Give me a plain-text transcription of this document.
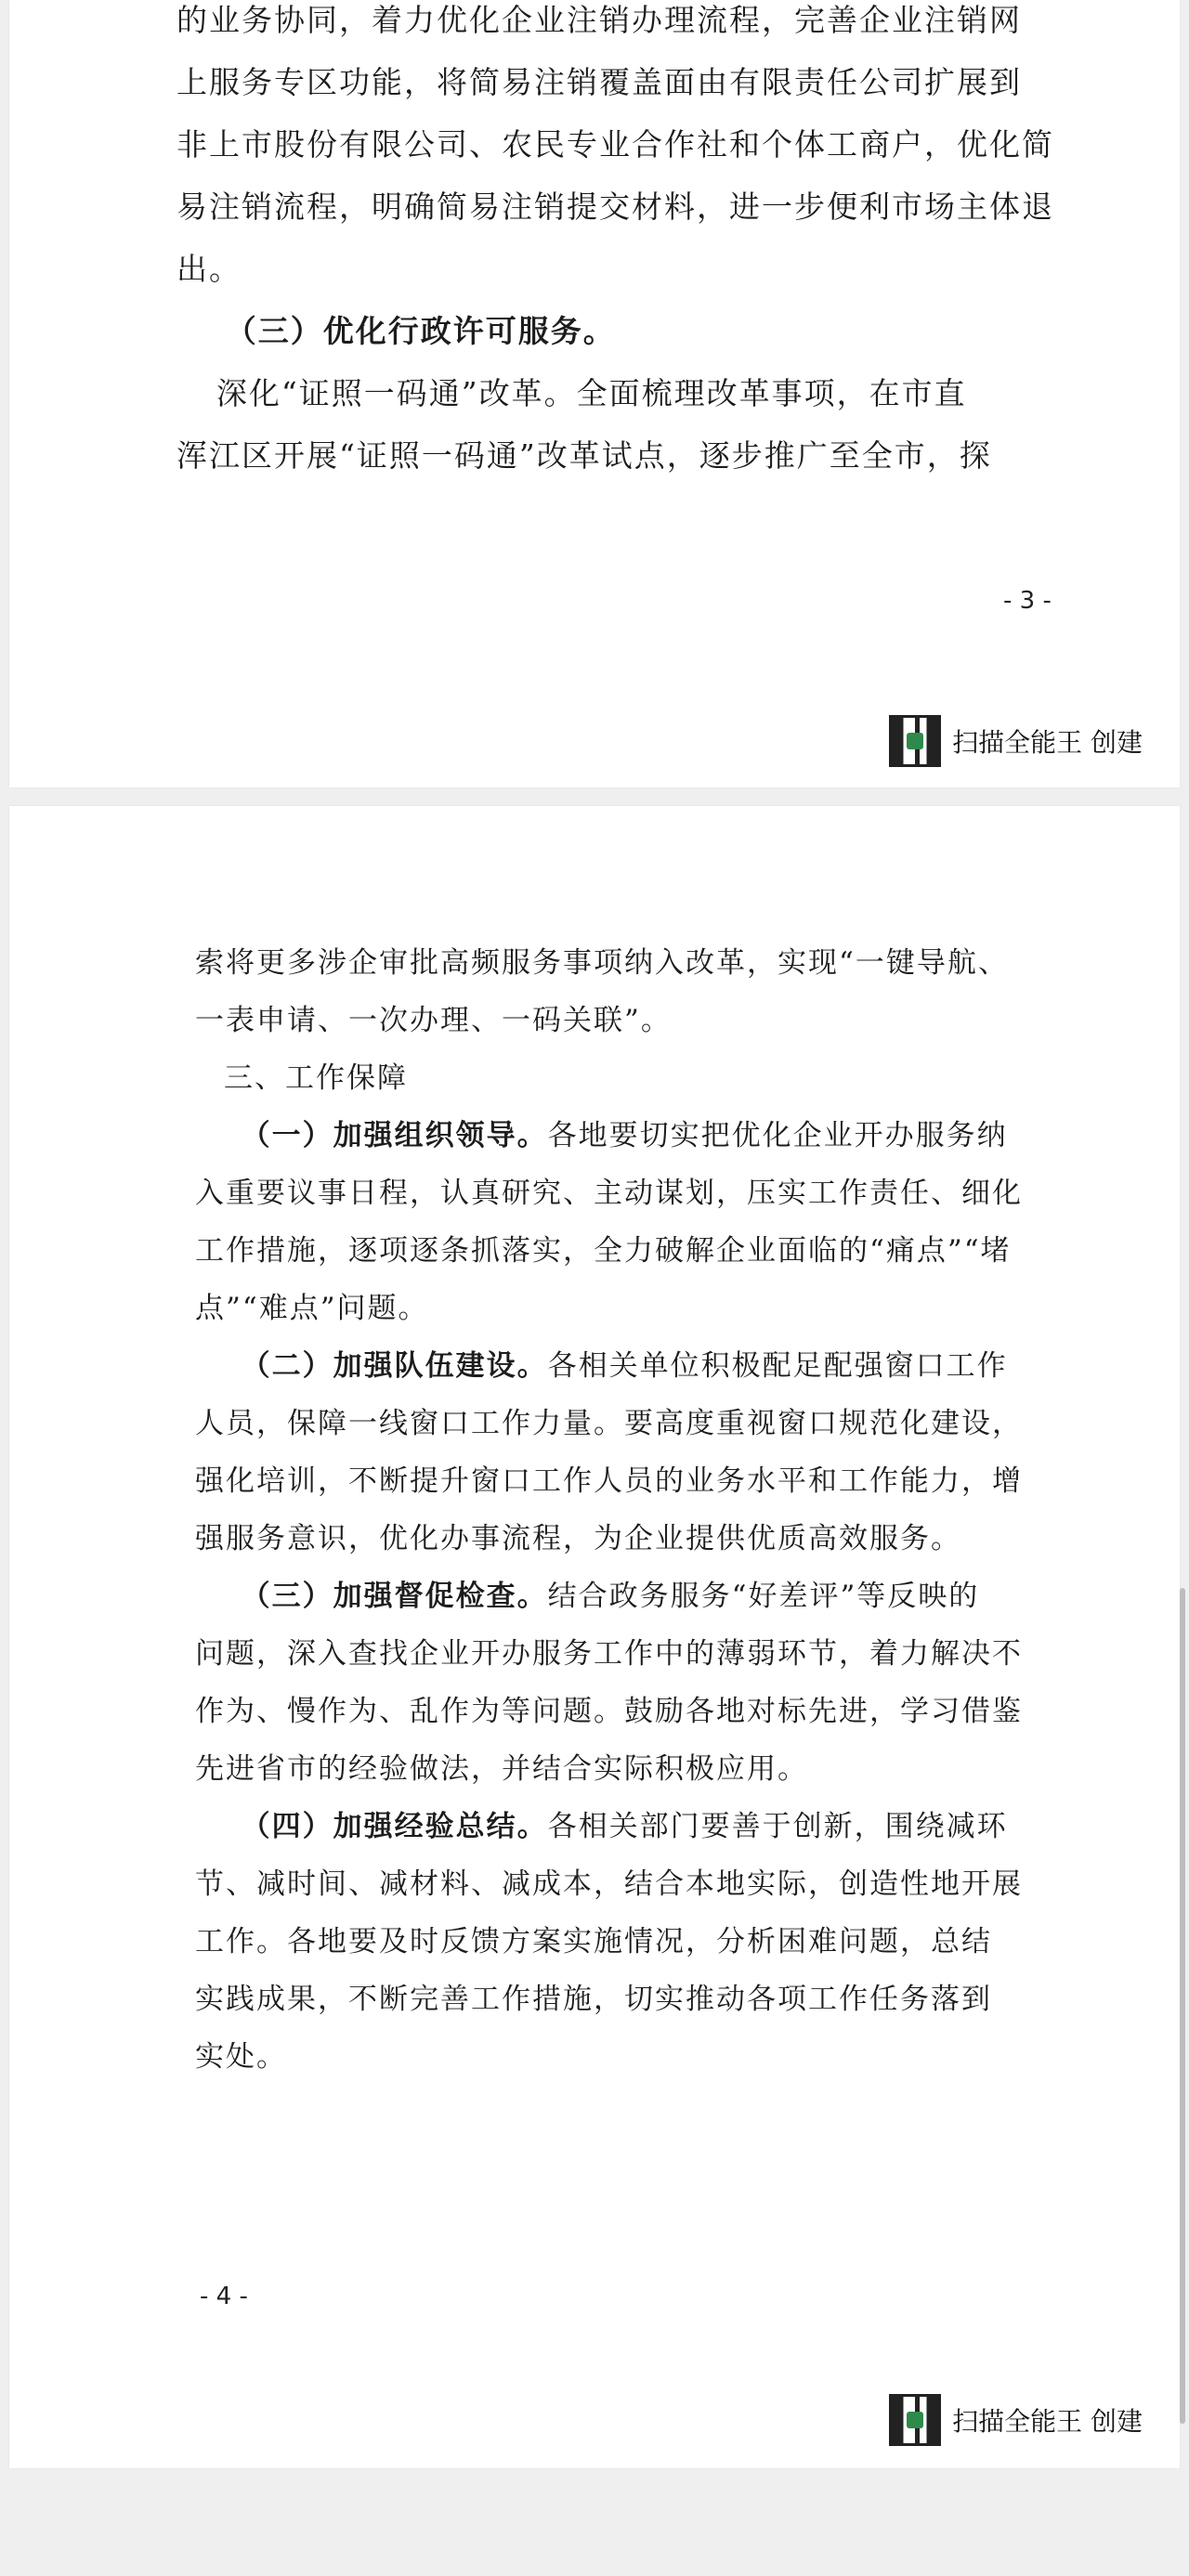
的业务协同，着力优化企业注销办理流程，完善企业注销网
上服务专区功能，将简易注销覆盖面由有限责任公司扩展到
非上市股份有限公司、农民专业合作社和个体工商户，优化简
易注销流程，明确简易注销提交材料，进一步便利市场主体退
出。
（三）优化行政许可服务。
深化“证照一码通”改革。全面梳理改革事项，在市直
浑江区开展“证照一码通”改革试点，逐步推广至全市，探
- 3 -
扫描全能王 创建
索将更多涉企审批高频服务事项纳入改革，实现“一键导航、
一表申请、一次办理、一码关联”。
三、工作保障
（一）加强组织领导。各地要切实把优化企业开办服务纳
入重要议事日程，认真研究、主动谋划，压实工作责任、细化
工作措施，逐项逐条抓落实，全力破解企业面临的“痛点”“堵
点”“难点”问题。
（二）加强队伍建设。各相关单位积极配足配强窗口工作
人员，保障一线窗口工作力量。要高度重视窗口规范化建设，
强化培训，不断提升窗口工作人员的业务水平和工作能力，增
强服务意识，优化办事流程，为企业提供优质高效服务。
（三）加强督促检查。结合政务服务“好差评”等反映的
问题，深入查找企业开办服务工作中的薄弱环节，着力解决不
作为、慢作为、乱作为等问题。鼓励各地对标先进，学习借鉴
先进省市的经验做法，并结合实际积极应用。
（四）加强经验总结。各相关部门要善于创新，围绕减环
节、减时间、减材料、减成本，结合本地实际，创造性地开展
工作。各地要及时反馈方案实施情况，分析困难问题，总结
实践成果，不断完善工作措施，切实推动各项工作任务落到
实处。
- 4 -
扫描全能王 创建
